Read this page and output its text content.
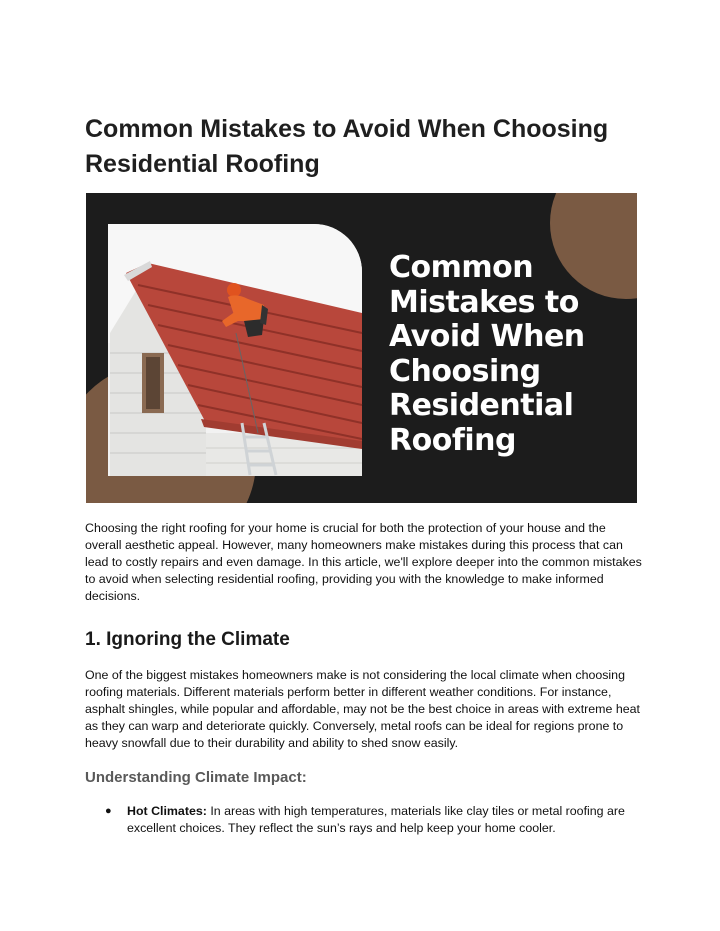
Common Mistakes to Avoid When Choosing Residential Roofing
Common Mistakes to Avoid When Choosing Residential Roofing

Choosing the right roofing for your home is crucial for both the protection of your house and the overall aesthetic appeal. However, many homeowners make mistakes during this process that can lead to costly repairs and even damage. In this article, we'll explore deeper into the common mistakes to avoid when selecting residential roofing, providing you with the knowledge to make informed decisions.

1. Ignoring the Climate

One of the biggest mistakes homeowners make is not considering the local climate when choosing roofing materials. Different materials perform better in different weather conditions. For instance, asphalt shingles, while popular and affordable, may not be the best choice in areas with extreme heat as they can warp and deteriorate quickly. Conversely, metal roofs can be ideal for regions prone to heavy snowfall due to their durability and ability to shed snow easily.

Understanding Climate Impact:
● Hot Climates: In areas with high temperatures, materials like clay tiles or metal roofing are excellent choices. They reflect the sun’s rays and help keep your home cooler.
